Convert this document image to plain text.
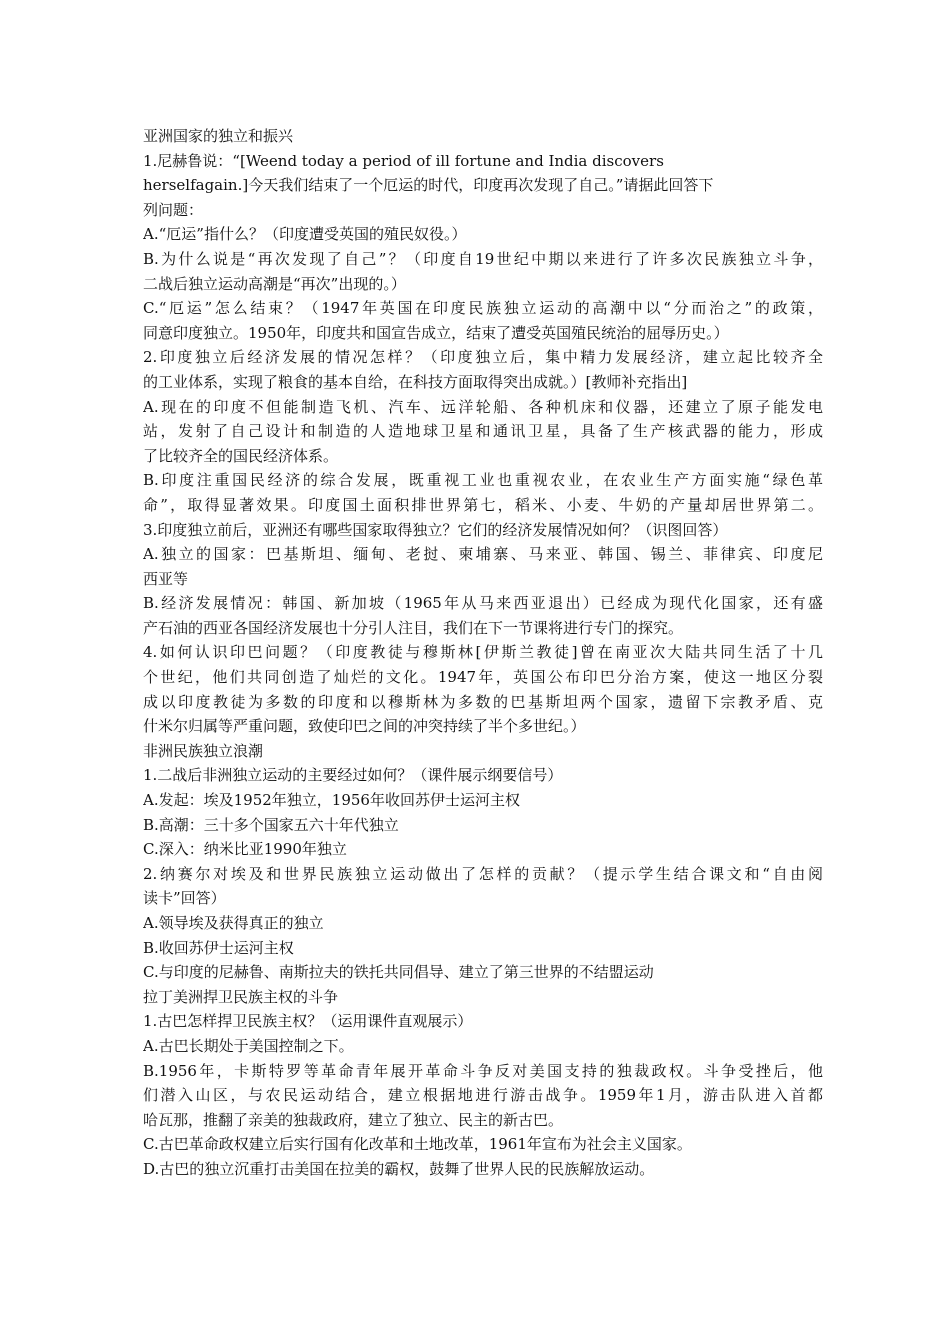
亚洲国家的独立和振兴
1.尼赫鲁说：“[Weend today a period of ill fortune and India discovers
herselfagain.]今天我们结束了一个厄运的时代，印度再次发现了自己。”请据此回答下
列问题：
A.“厄运”指什么？（印度遭受英国的殖民奴役。）
B.为什么说是“再次发现了自己”？（印度自19世纪中期以来进行了许多次民族独立斗争，
二战后独立运动高潮是“再次”出现的。）
C.“厄运”怎么结束？（1947年英国在印度民族独立运动的高潮中以“分而治之”的政策，
同意印度独立。1950年，印度共和国宣告成立，结束了遭受英国殖民统治的屈辱历史。）
2.印度独立后经济发展的情况怎样？（印度独立后，集中精力发展经济，建立起比较齐全
的工业体系，实现了粮食的基本自给，在科技方面取得突出成就。）[教师补充指出]
A.现在的印度不但能制造飞机、汽车、远洋轮船、各种机床和仪器，还建立了原子能发电
站，发射了自己设计和制造的人造地球卫星和通讯卫星，具备了生产核武器的能力，形成
了比较齐全的国民经济体系。
B.印度注重国民经济的综合发展，既重视工业也重视农业，在农业生产方面实施“绿色革
命”，取得显著效果。印度国土面积排世界第七，稻米、小麦、牛奶的产量却居世界第二。
3.印度独立前后，亚洲还有哪些国家取得独立？它们的经济发展情况如何？（识图回答）
A.独立的国家：巴基斯坦、缅甸、老挝、柬埔寨、马来亚、韩国、锡兰、菲律宾、印度尼
西亚等
B.经济发展情况：韩国、新加坡（1965年从马来西亚退出）已经成为现代化国家，还有盛
产石油的西亚各国经济发展也十分引人注目，我们在下一节课将进行专门的探究。
4.如何认识印巴问题？（印度教徒与穆斯林[伊斯兰教徒]曾在南亚次大陆共同生活了十几
个世纪，他们共同创造了灿烂的文化。1947年，英国公布印巴分治方案，使这一地区分裂
成以印度教徒为多数的印度和以穆斯林为多数的巴基斯坦两个国家，遗留下宗教矛盾、克
什米尔归属等严重问题，致使印巴之间的冲突持续了半个多世纪。）
非洲民族独立浪潮
1.二战后非洲独立运动的主要经过如何？（课件展示纲要信号）
A.发起：埃及1952年独立，1956年收回苏伊士运河主权
B.高潮：三十多个国家五六十年代独立
C.深入：纳米比亚1990年独立
2.纳赛尔对埃及和世界民族独立运动做出了怎样的贡献？（提示学生结合课文和“自由阅
读卡”回答）
A.领导埃及获得真正的独立
B.收回苏伊士运河主权
C.与印度的尼赫鲁、南斯拉夫的铁托共同倡导、建立了第三世界的不结盟运动
拉丁美洲捍卫民族主权的斗争
1.古巴怎样捍卫民族主权？（运用课件直观展示）
A.古巴长期处于美国控制之下。
B.1956年，卡斯特罗等革命青年展开革命斗争反对美国支持的独裁政权。斗争受挫后，他
们潜入山区，与农民运动结合，建立根据地进行游击战争。1959年1月，游击队进入首都
哈瓦那，推翻了亲美的独裁政府，建立了独立、民主的新古巴。
C.古巴革命政权建立后实行国有化改革和土地改革，1961年宣布为社会主义国家。
D.古巴的独立沉重打击美国在拉美的霸权，鼓舞了世界人民的民族解放运动。
